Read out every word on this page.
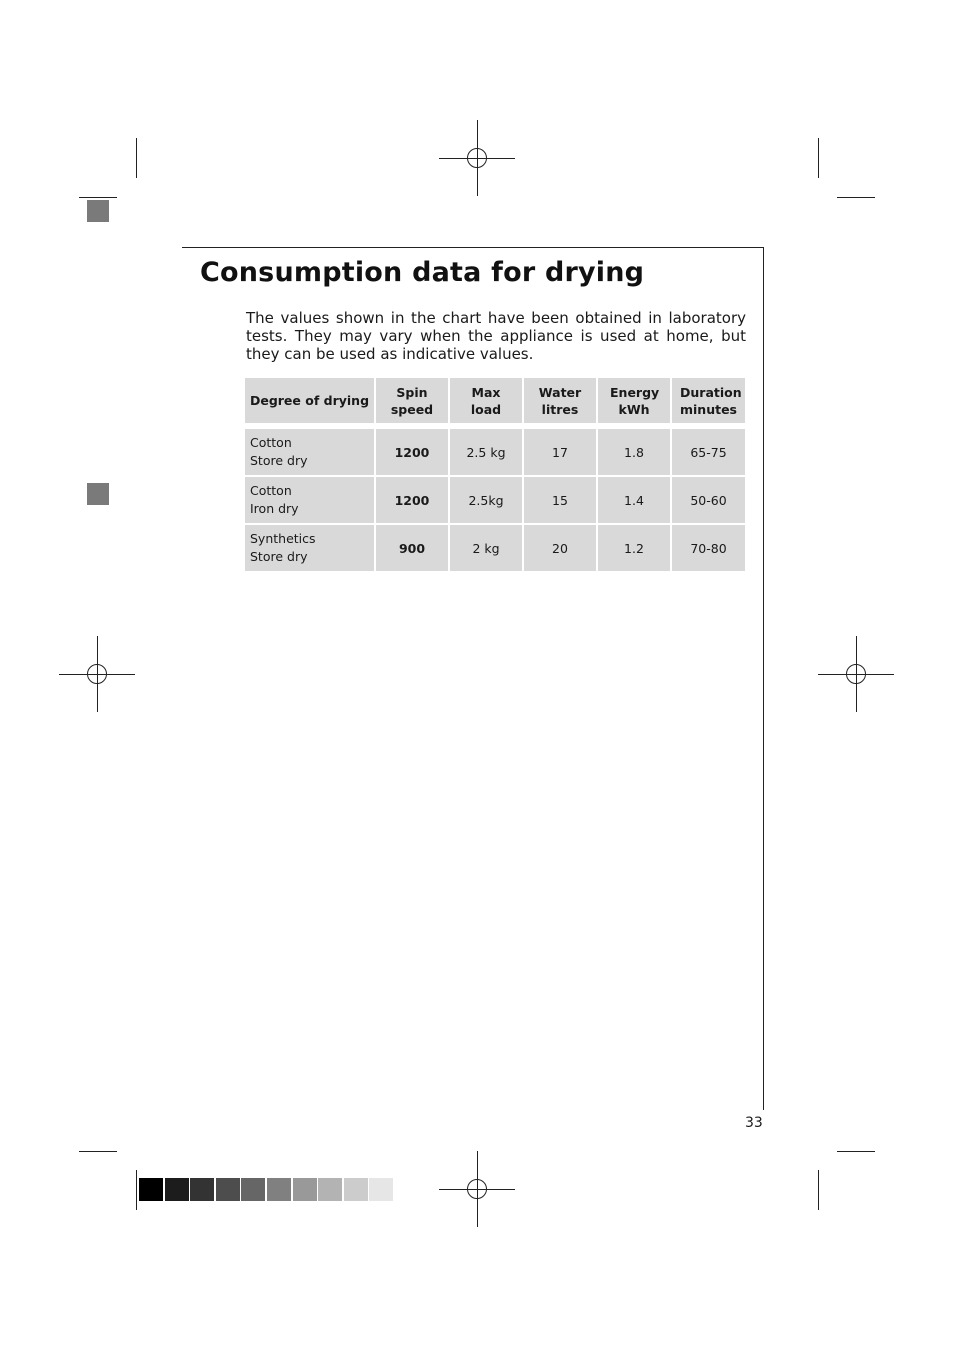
Consumption data for drying

The values shown in the chart have been obtained in laboratory tests. They may vary when the appliance is used at home, but they can be used as indicative values.

Degree of drying	Spin speed	Max load	Water litres	Energy kWh	Duration minutes

Cotton
Store dry	1200	2.5 kg	17	1.8	65-75
Cotton
Iron dry	1200	2.5kg	15	1.4	50-60
Synthetics
Store dry	900	2 kg	20	1.2	70-80
33
